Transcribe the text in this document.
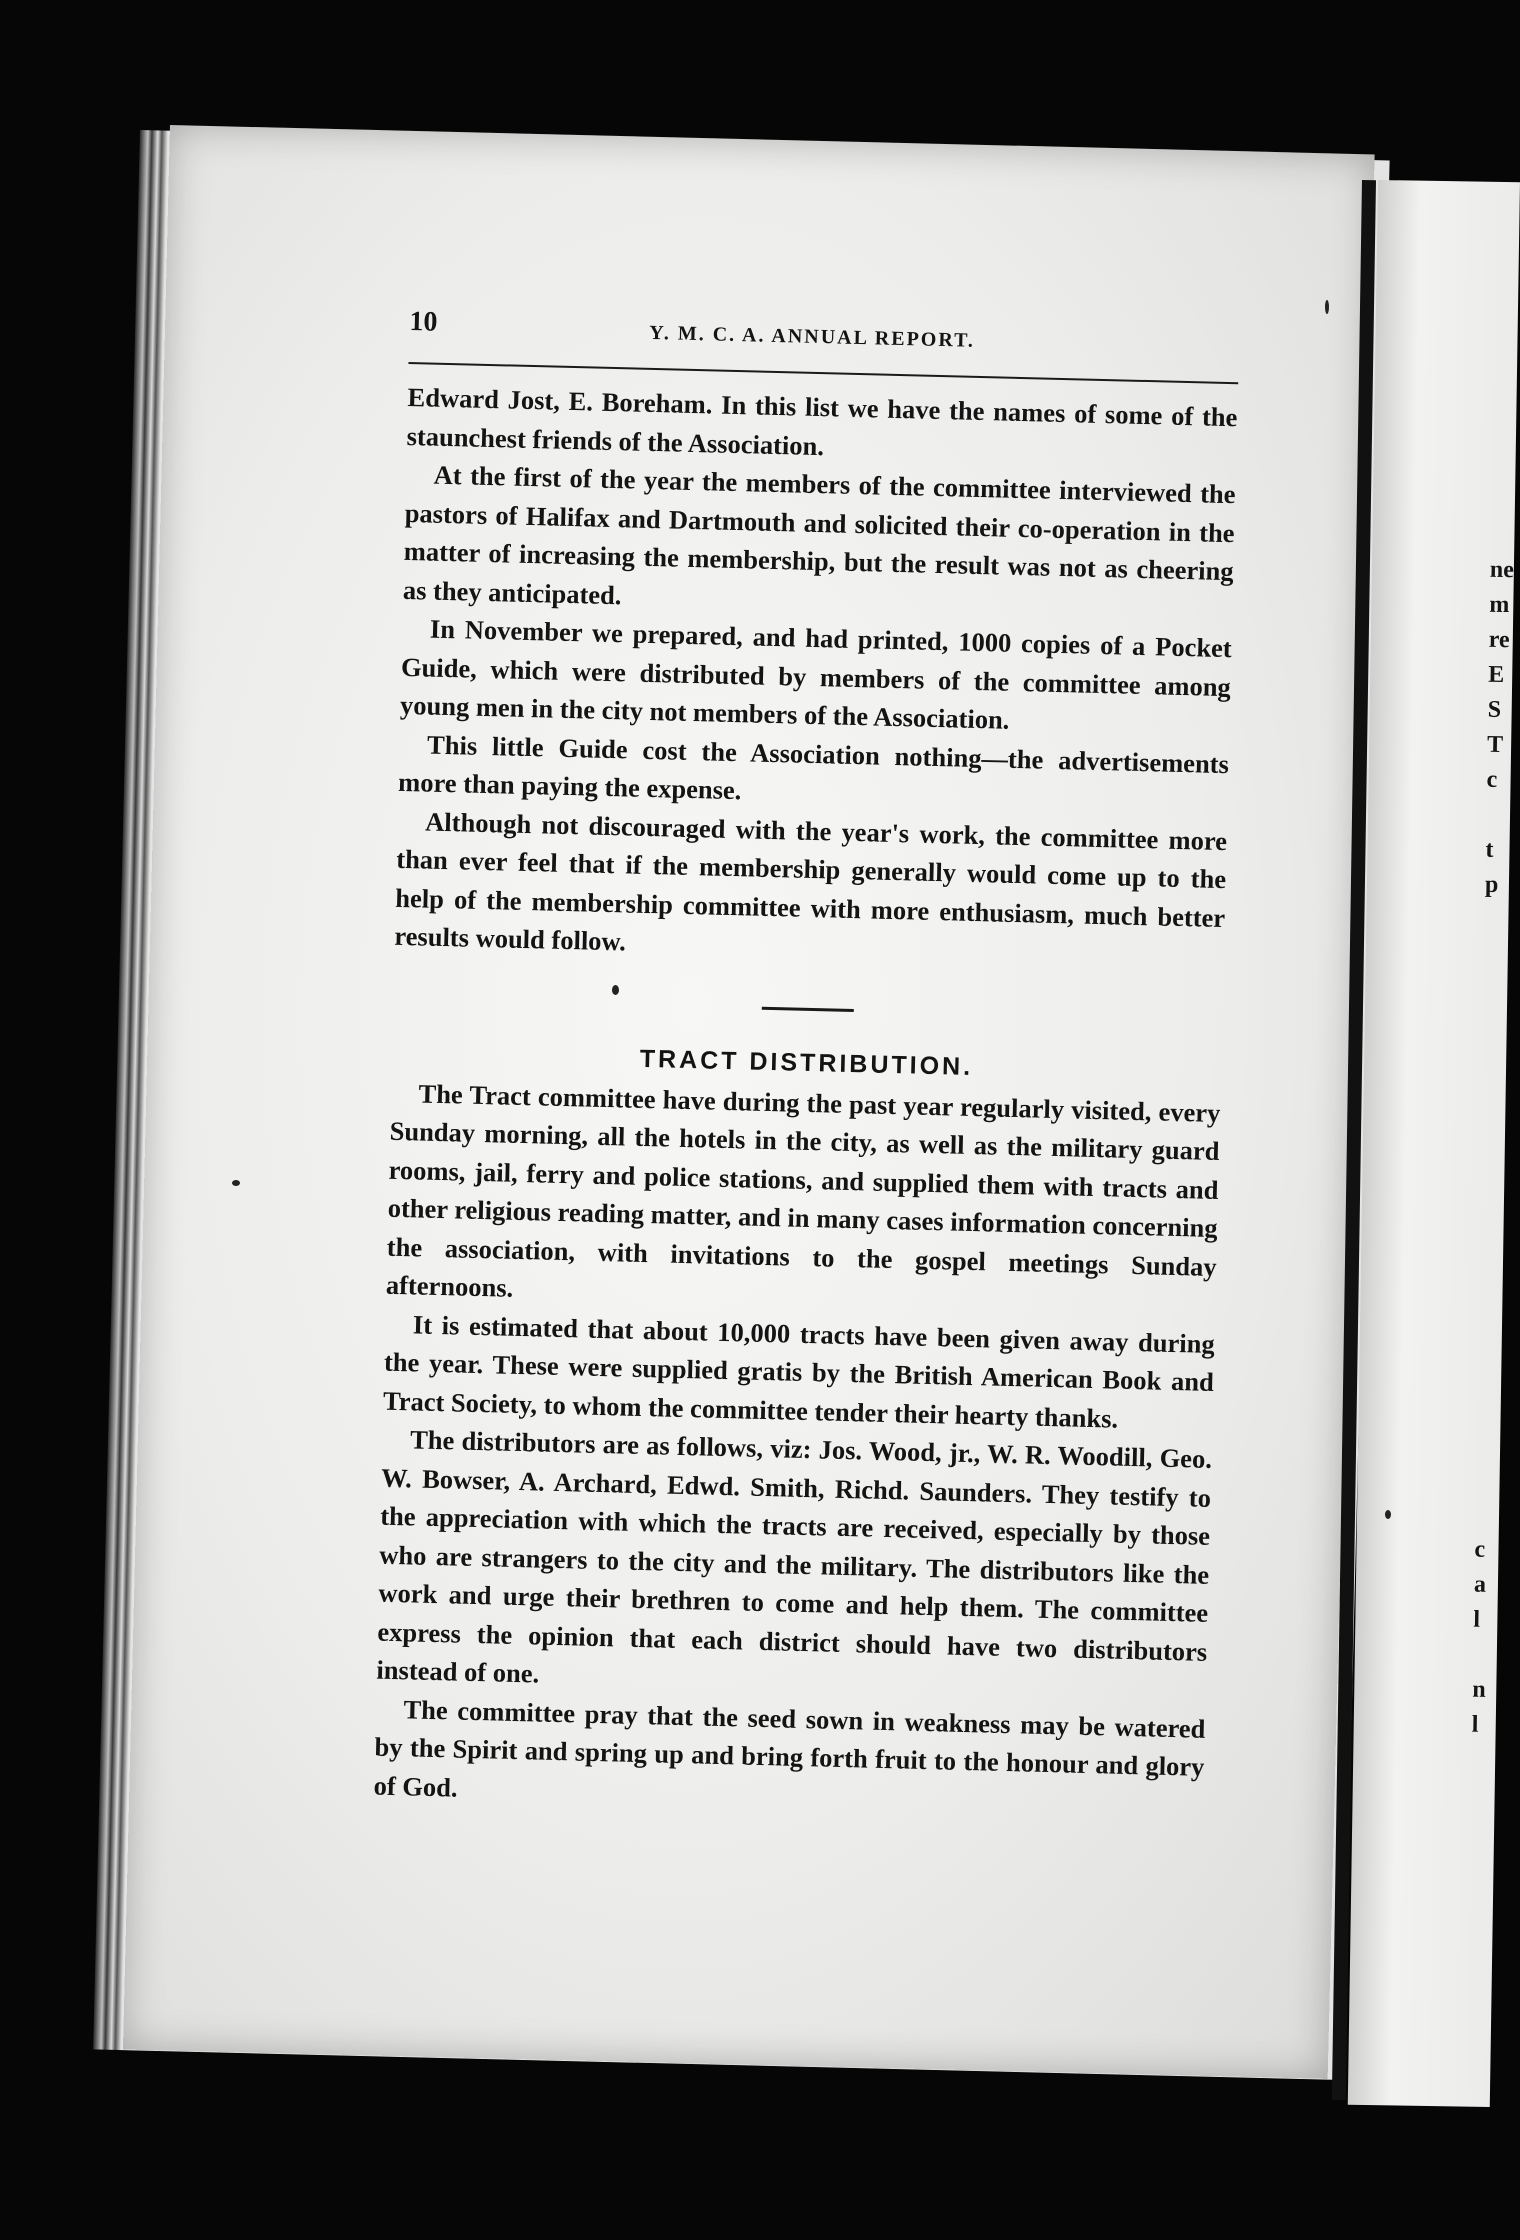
ne
m
re
E
S
T
c
t
p
c
a
l
n
l
10	Y. M. C. A. ANNUAL REPORT.

Edward Jost, E. Boreham. In this list we have the names of some of the staunchest friends of the Association.

At the first of the year the members of the committee interviewed the pastors of Halifax and Dartmouth and solicited their co-operation in the matter of increasing the membership, but the result was not as cheering as they anticipated.

In November we prepared, and had printed, 1000 copies of a Pocket Guide, which were distributed by members of the committee among young men in the city not members of the Association.

This little Guide cost the Association nothing—the advertisements more than paying the expense.

Although not discouraged with the year's work, the committee more than ever feel that if the membership generally would come up to the help of the membership committee with more enthusiasm, much better results would follow.

TRACT DISTRIBUTION.

The Tract committee have during the past year regularly visited, every Sunday morning, all the hotels in the city, as well as the military guard rooms, jail, ferry and police stations, and supplied them with tracts and other religious reading matter, and in many cases information concerning the association, with invitations to the gospel meetings Sunday afternoons.

It is estimated that about 10,000 tracts have been given away during the year. These were supplied gratis by the British American Book and Tract Society, to whom the committee tender their hearty thanks.

The distributors are as follows, viz: Jos. Wood, jr., W. R. Woodill, Geo. W. Bowser, A. Archard, Edwd. Smith, Richd. Saunders. They testify to the appreciation with which the tracts are received, especially by those who are strangers to the city and the military. The distributors like the work and urge their brethren to come and help them. The committee express the opinion that each district should have two distributors instead of one.

The committee pray that the seed sown in weakness may be watered by the Spirit and spring up and bring forth fruit to the honour and glory of God.
